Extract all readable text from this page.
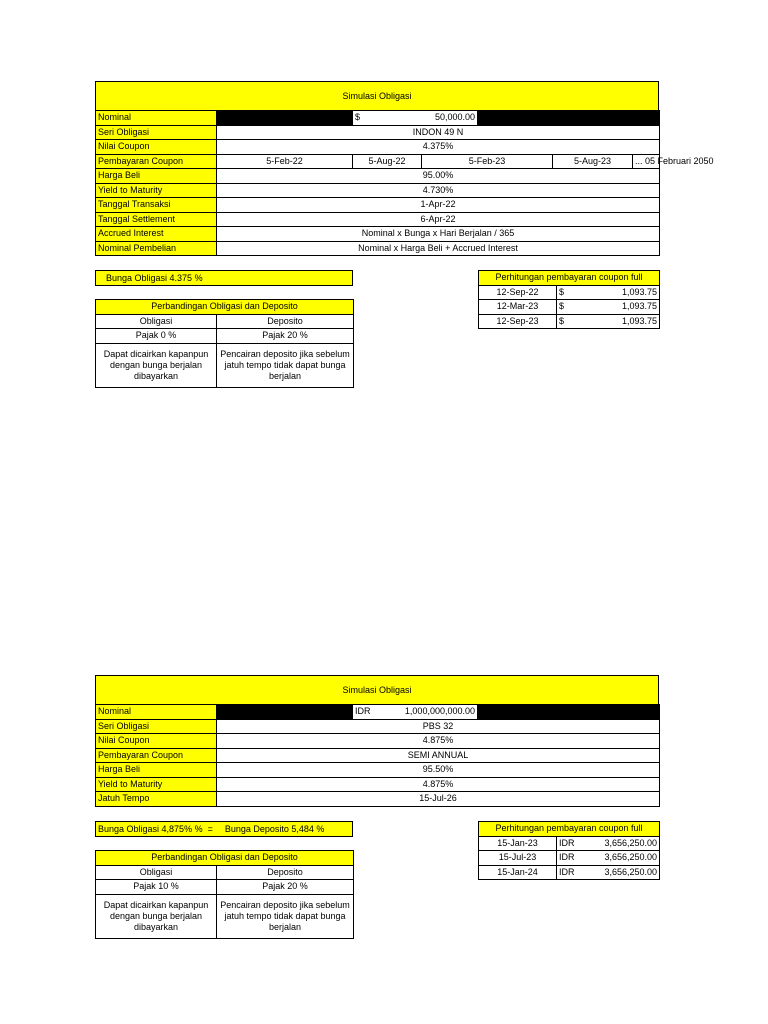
Simulasi Obligasi
Nominal		$	50,000.00			
Seri Obligasi	INDON 49 N					
Nilai Coupon	4.375%					
Pembayaran Coupon	5-Feb-22	5-Aug-22	5-Feb-23		5-Aug-23	... 05 Februari 2050
Harga Beli	95.00%					
Yield to Maturity	4.730%					
Tanggal Transaksi	1-Apr-22					
Tanggal Settlement	6-Apr-22					
Accrued Interest	Nominal x Bunga x Hari Berjalan / 365					
Nominal Pembelian	Nominal x Harga Beli + Accrued Interest					
Bunga Obligasi 4.375 %	Perhitungan pembayaran coupon full		
12-Sep-22	$	1,093.75
12-Mar-23	$	1,093.75
12-Sep-23	$	1,093.75
Perbandingan Obligasi dan Deposito	
Obligasi	Deposito
Pajak 0 %	Pajak 20 %
Dapat dicairkan kapanpun dengan bunga berjalan dibayarkan	Pencairan deposito jika sebelum jatuh tempo tidak dapat bunga berjalan
Simulasi Obligasi
Nominal		IDR	1,000,000,000.00	
Seri Obligasi	PBS 32			
Nilai Coupon	4.875%			
Pembayaran Coupon	SEMI ANNUAL			
Harga Beli	95.50%			
Yield to Maturity	4.875%			
Jatuh Tempo	15-Jul-26			
Bunga Obligasi 4,875% %  = Bunga Deposito 5,484 %	Perhitungan pembayaran coupon full		
15-Jan-23	IDR	3,656,250.00
15-Jul-23	IDR	3,656,250.00
15-Jan-24	IDR	3,656,250.00
Perbandingan Obligasi dan Deposito	
Obligasi	Deposito
Pajak 10 %	Pajak 20 %
Dapat dicairkan kapanpun dengan bunga berjalan dibayarkan	Pencairan deposito jika sebelum jatuh tempo tidak dapat bunga berjalan
